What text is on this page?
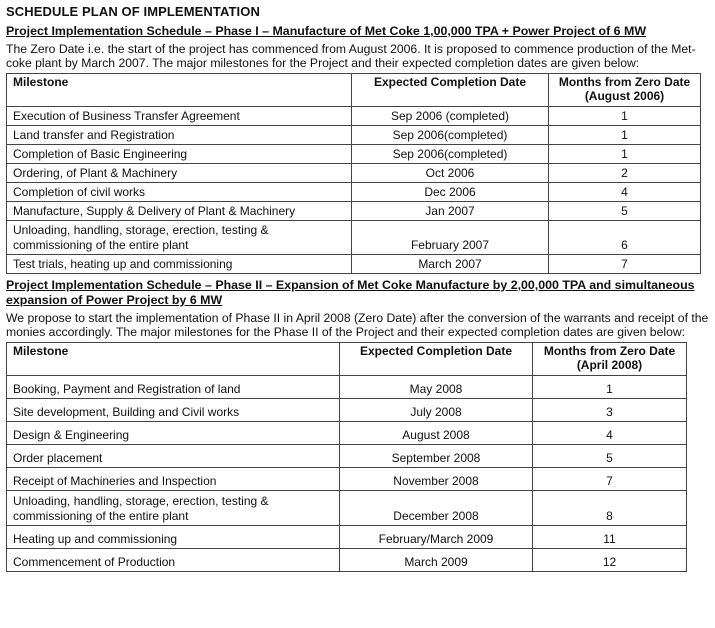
SCHEDULE PLAN OF IMPLEMENTATION
Project Implementation Schedule – Phase I – Manufacture of Met Coke 1,00,000 TPA + Power Project of 6 MW

The Zero Date i.e. the start of the project has commenced from August 2006. It is proposed to commence production of the Met-coke plant by March 2007. The major milestones for the Project and their expected completion dates are given below:

Milestone	Expected Completion Date	Months from Zero Date (August 2006)
Execution of Business Transfer Agreement	Sep 2006 (completed)	1
Land transfer and Registration	Sep 2006(completed)	1
Completion of Basic Engineering	Sep 2006(completed)	1
Ordering, of Plant & Machinery	Oct 2006	2
Completion of civil works	Dec 2006	4
Manufacture, Supply & Delivery of Plant & Machinery	Jan 2007	5
Unloading, handling, storage, erection, testing & commissioning of the entire plant	February 2007	6
Test trials, heating up and commissioning	March 2007	7
Project Implementation Schedule – Phase II – Expansion of Met Coke Manufacture by 2,00,000 TPA and simultaneous expansion of Power Project by 6 MW

We propose to start the implementation of Phase II in April 2008 (Zero Date) after the conversion of the warrants and receipt of the monies accordingly. The major milestones for the Phase II of the Project and their expected completion dates are given below:

Milestone	Expected Completion Date	Months from Zero Date (April 2008)
Booking, Payment and Registration of land	May 2008	1
Site development, Building and Civil works	July 2008	3
Design & Engineering	August 2008	4
Order placement	September 2008	5
Receipt of Machineries and Inspection	November 2008	7
Unloading, handling, storage, erection, testing & commissioning of the entire plant	December 2008	8
Heating up and commissioning	February/March 2009	11
Commencement of Production	March 2009	12
